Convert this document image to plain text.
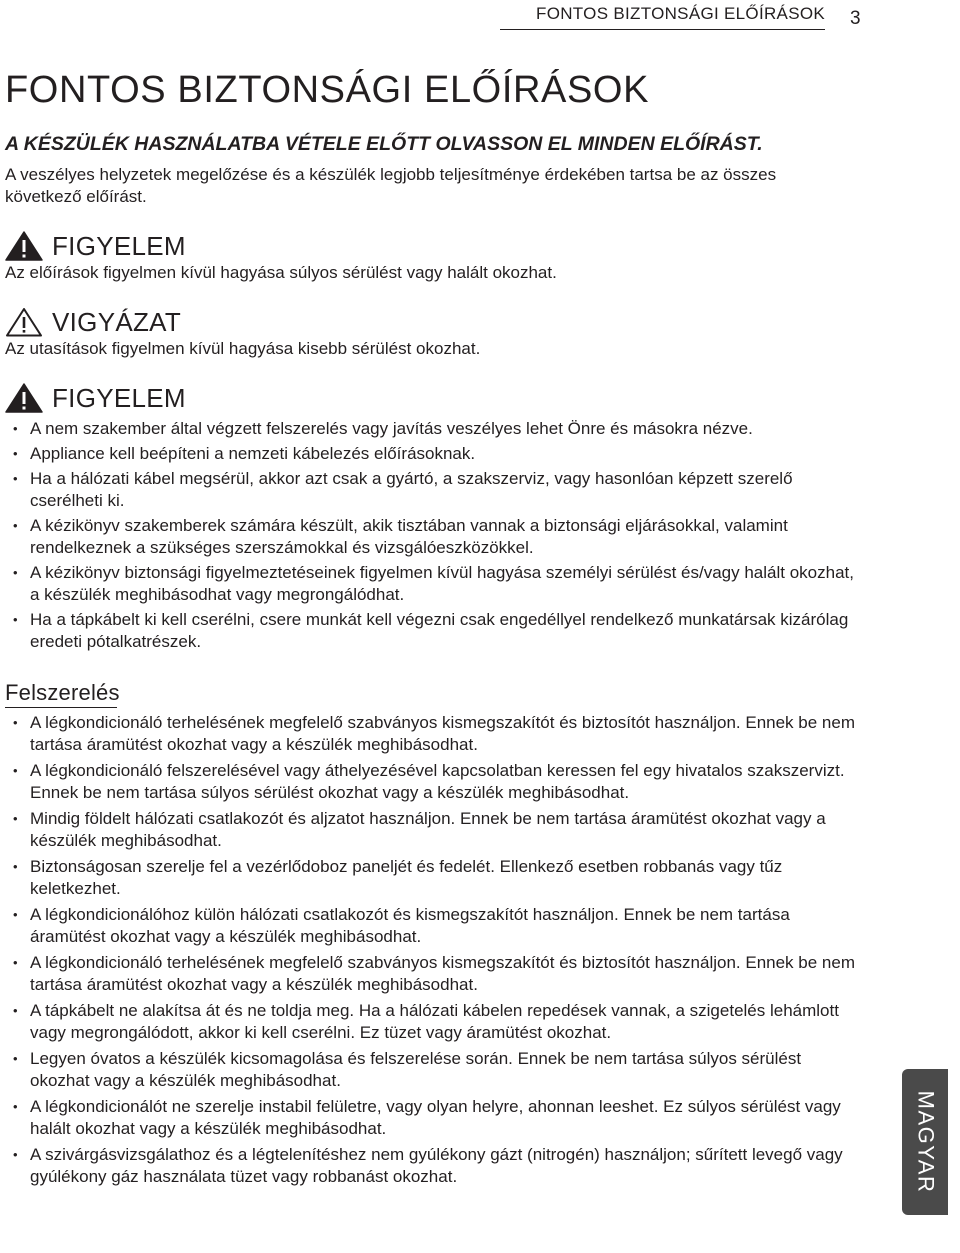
FONTOS BIZTONSÁGI ELŐÍRÁSOK 3
FONTOS BIZTONSÁGI ELŐÍRÁSOK
A KÉSZÜLÉK HASZNÁLATBA VÉTELE ELŐTT OLVASSON EL MINDEN ELŐÍRÁST.

A veszélyes helyzetek megelőzése és a készülék legjobb teljesítménye érdekében tartsa be az összes következő előírást.

FIGYELEM

Az előírások figyelmen kívül hagyása súlyos sérülést vagy halált okozhat.

VIGYÁZAT

Az utasítások figyelmen kívül hagyása kisebb sérülést okozhat.

FIGYELEM
• A nem szakember által végzett felszerelés vagy javítás veszélyes lehet Önre és másokra nézve.
• Appliance kell beépíteni a nemzeti kábelezés előírásoknak.
• Ha a hálózati kábel megsérül, akkor azt csak a gyártó, a szakszerviz, vagy hasonlóan képzett szerelő cserélheti ki.
• A kézikönyv szakemberek számára készült, akik tisztában vannak a biztonsági eljárásokkal, valamint rendelkeznek a szükséges szerszámokkal és vizsgálóeszközökkel.
• A kézikönyv biztonsági figyelmeztetéseinek figyelmen kívül hagyása személyi sérülést és/vagy halált okozhat, a készülék meghibásodhat vagy megrongálódhat.
• Ha a tápkábelt ki kell cserélni, csere munkát kell végezni csak engedéllyel rendelkező munkatársak kizárólag eredeti pótalkatrészek.
Felszerelés
• A légkondicionáló terhelésének megfelelő szabványos kismegszakítót és biztosítót használjon. Ennek be nem tartása áramütést okozhat vagy a készülék meghibásodhat.
• A légkondicionáló felszerelésével vagy áthelyezésével kapcsolatban keressen fel egy hivatalos szakszervizt. Ennek be nem tartása súlyos sérülést okozhat vagy a készülék meghibásodhat.
• Mindig földelt hálózati csatlakozót és aljzatot használjon. Ennek be nem tartása áramütést okozhat vagy a készülék meghibásodhat.
• Biztonságosan szerelje fel a vezérlődoboz paneljét és fedelét. Ellenkező esetben robbanás vagy tűz keletkezhet.
• A légkondicionálóhoz külön hálózati csatlakozót és kismegszakítót használjon. Ennek be nem tartása áramütést okozhat vagy a készülék meghibásodhat.
• A légkondicionáló terhelésének megfelelő szabványos kismegszakítót és biztosítót használjon. Ennek be nem tartása áramütést okozhat vagy a készülék meghibásodhat.
• A tápkábelt ne alakítsa át és ne toldja meg. Ha a hálózati kábelen repedések vannak, a szigetelés lehámlott vagy megrongálódott, akkor ki kell cserélni. Ez tüzet vagy áramütést okozhat.
• Legyen óvatos a készülék kicsomagolása és felszerelése során. Ennek be nem tartása súlyos sérülést okozhat vagy a készülék meghibásodhat.
• A légkondicionálót ne szerelje instabil felületre, vagy olyan helyre, ahonnan leeshet. Ez súlyos sérülést vagy halált okozhat vagy a készülék meghibásodhat.
• A szivárgásvizsgálathoz és a légtelenítéshez nem gyúlékony gázt (nitrogén) használjon; sűrített levegő vagy gyúlékony gáz használata tüzet vagy robbanást okozhat.	MAGYAR
